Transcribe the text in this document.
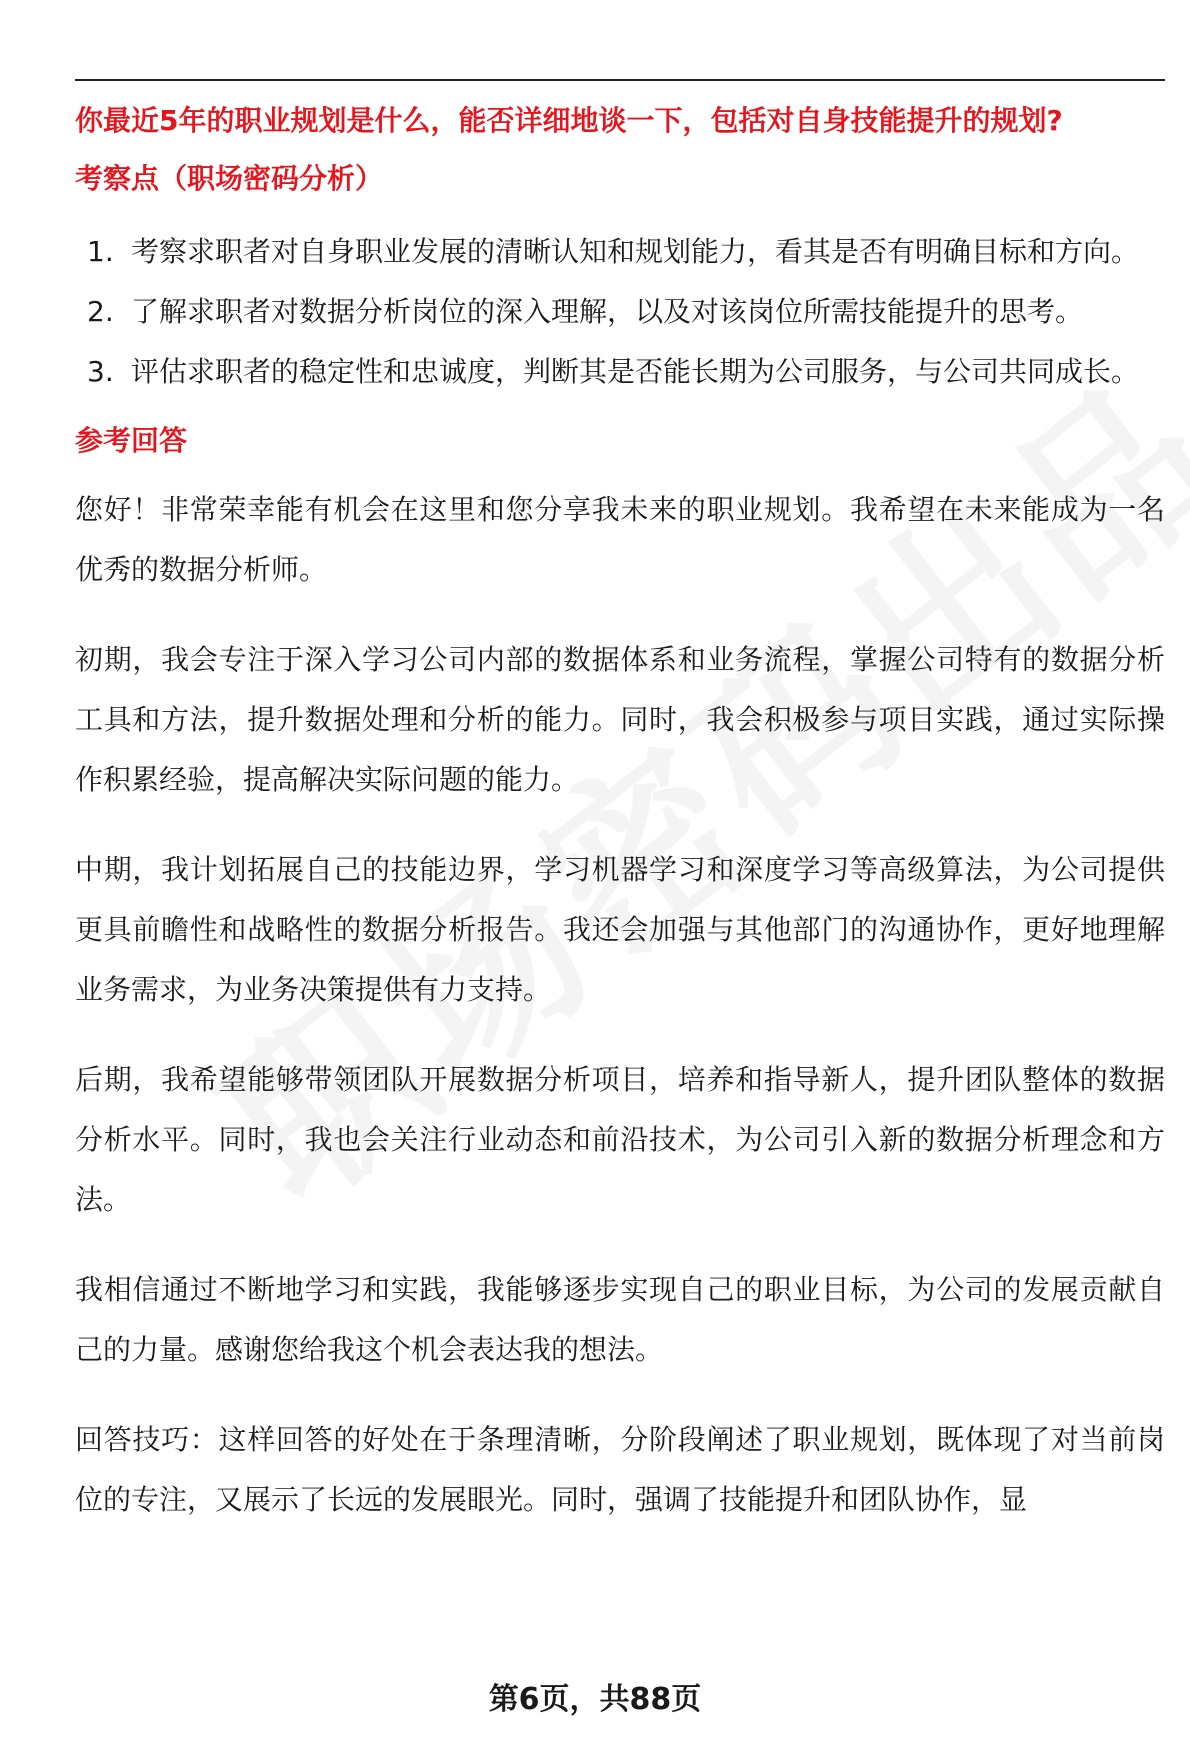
你最近5年的职业规划是什么，能否详细地谈一下，包括对自身技能提升的规划?

考察点（职场密码分析）

1. 考察求职者对自身职业发展的清晰认知和规划能力，看其是否有明确目标和方向。
2. 了解求职者对数据分析岗位的深入理解，以及对该岗位所需技能提升的思考。
3. 评估求职者的稳定性和忠诚度，判断其是否能长期为公司服务，与公司共同成长。

参考回答

您好！非常荣幸能有机会在这里和您分享我未来的职业规划。我希望在未来能成为一名优秀的数据分析师。

初期，我会专注于深入学习公司内部的数据体系和业务流程，掌握公司特有的数据分析工具和方法，提升数据处理和分析的能力。同时，我会积极参与项目实践，通过实际操作积累经验，提高解决实际问题的能力。

中期，我计划拓展自己的技能边界，学习机器学习和深度学习等高级算法，为公司提供更具前瞻性和战略性的数据分析报告。我还会加强与其他部门的沟通协作，更好地理解业务需求，为业务决策提供有力支持。

后期，我希望能够带领团队开展数据分析项目，培养和指导新人，提升团队整体的数据分析水平。同时，我也会关注行业动态和前沿技术，为公司引入新的数据分析理念和方法。

我相信通过不断地学习和实践，我能够逐步实现自己的职业目标，为公司的发展贡献自己的力量。感谢您给我这个机会表达我的想法。

回答技巧：这样回答的好处在于条理清晰，分阶段阐述了职业规划，既体现了对当前岗位的专注，又展示了长远的发展眼光。同时，强调了技能提升和团队协作，显

第6页，共88页
